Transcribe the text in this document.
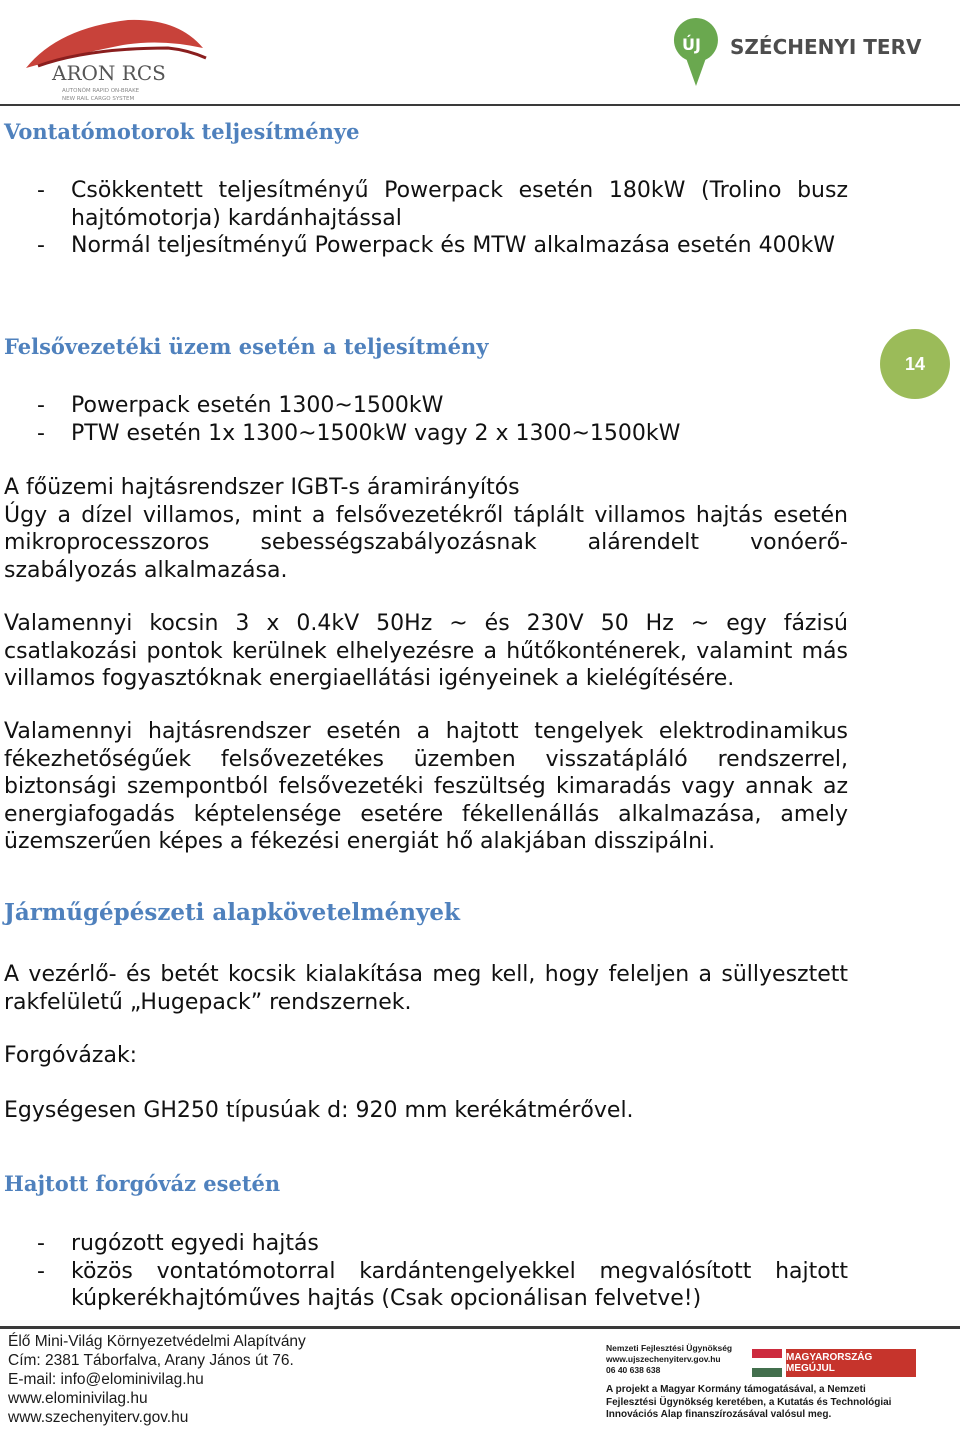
ARON RCS
AUTONÓM RAPID ON-BRAKE
NEW RAIL CARGO SYSTEM
ÚJ SZÉCHENYI TERV
14
Vontatómotorok teljesítménye
- Csökkentett teljesítményű Powerpack esetén 180kW (Trolino busz hajtómotorja) kardánhajtással
- Normál teljesítményű Powerpack és MTW alkalmazása esetén 400kW
Felsővezetéki üzem esetén a teljesítmény
- Powerpack esetén 1300~1500kW
- PTW esetén 1x 1300~1500kW vagy 2 x 1300~1500kW

A főüzemi hajtásrendszer IGBT-s áramirányítós

Úgy a dízel villamos, mint a felsővezetékről táplált villamos hajtás esetén mikroprocesszoros sebességszabályozásnak alárendelt vonóerő-szabályozás alkalmazása.

Valamennyi kocsin 3 x 0.4kV 50Hz ~ és 230V 50 Hz ~ egy fázisú csatlakozási pontok kerülnek elhelyezésre a hűtőkonténerek, valamint más villamos fogyasztóknak energiaellátási igényeinek a kielégítésére.

Valamennyi hajtásrendszer esetén a hajtott tengelyek elektrodinamikus fékezhetőségűek felsővezetékes üzemben visszatápláló rendszerrel, biztonsági szempontból felsővezetéki feszültség kimaradás vagy annak az energiafogadás képtelensége esetére fékellenállás alkalmazása, amely üzemszerűen képes a fékezési energiát hő alakjában disszipálni.

Járműgépészeti alapkövetelmények

A vezérlő- és betét kocsik kialakítása meg kell, hogy feleljen a süllyesztett rakfelületű „Hugepack” rendszernek.

Forgóvázak:

Egységesen GH250 típusúak d: 920 mm kerékátmérővel.

Hajtott forgóváz esetén
- rugózott egyedi hajtás
- közös vontatómotorral kardántengelyekkel megvalósított hajtott kúpkerékhajtóműves hajtás (Csak opcionálisan felvetve!)
Élő Mini-Világ Környezetvédelmi Alapítvány
Cím: 2381 Táborfalva, Arany János út 76.
E-mail: info@elominivilag.hu
www.elominivilag.hu
www.szechenyiterv.gov.hu
Nemzeti Fejlesztési Ügynökség
www.ujszechenyiterv.gov.hu
06 40 638 638
A projekt a Magyar Kormány támogatásával, a Nemzeti
Fejlesztési Ügynökség keretében, a Kutatás és Technológiai
Innovációs Alap finanszírozásával valósul meg.
MAGYARORSZÁG MEGÚJUL
